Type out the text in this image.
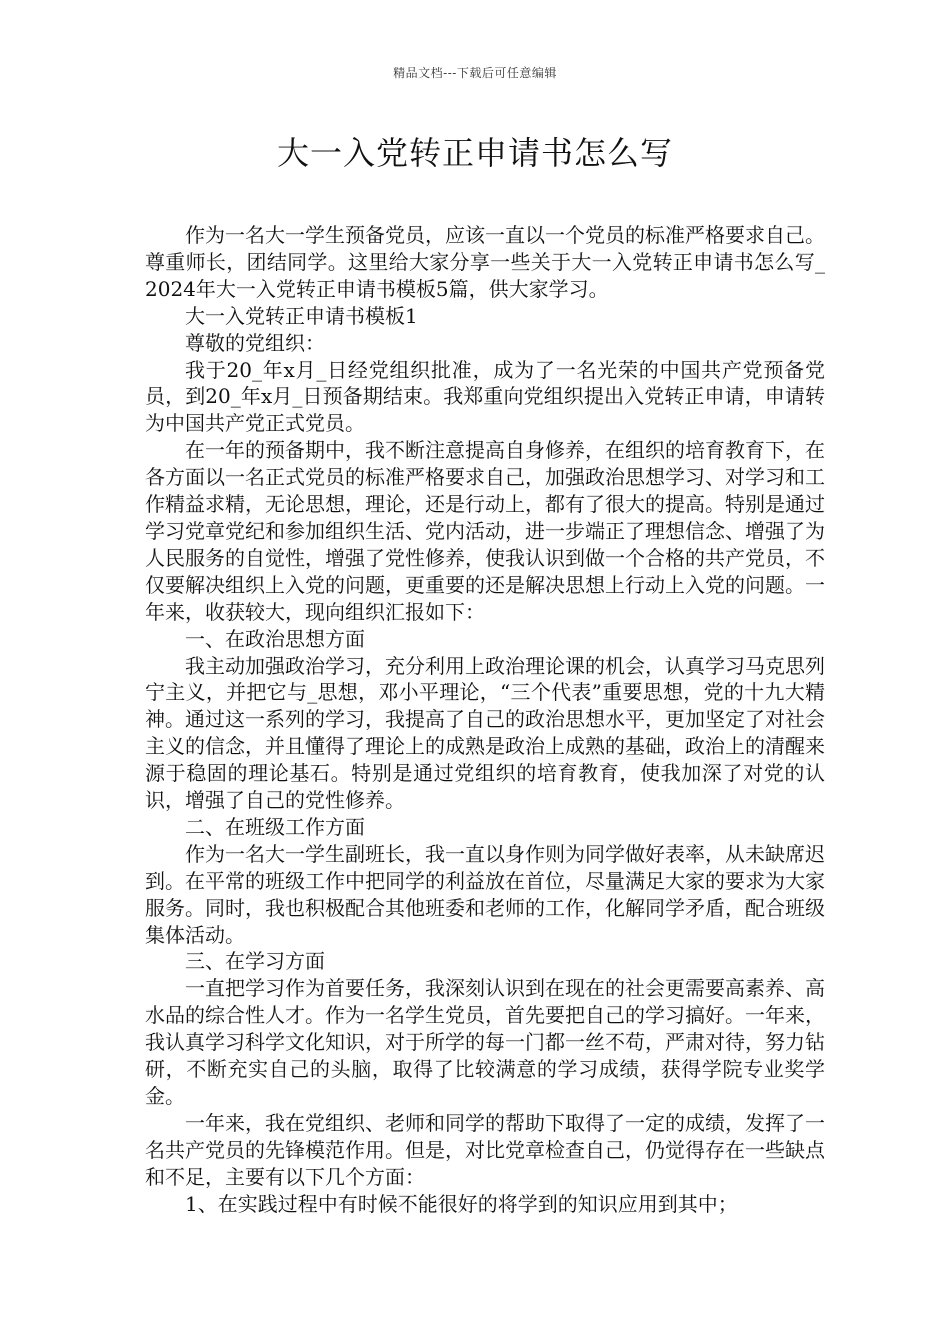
精品文档---下载后可任意编辑
大一入党转正申请书怎么写

作为一名大一学生预备党员，应该一直以一个党员的标准严格要求自己。尊重师长，团结同学。这里给大家分享一些关于大一入党转正申请书怎么写_2024年大一入党转正申请书模板5篇，供大家学习。

大一入党转正申请书模板1

尊敬的党组织：

我于20_年x月_日经党组织批准，成为了一名光荣的中国共产党预备党员，到20_年x月_日预备期结束。我郑重向党组织提出入党转正申请，申请转为中国共产党正式党员。

在一年的预备期中，我不断注意提高自身修养，在组织的培育教育下，在各方面以一名正式党员的标准严格要求自己，加强政治思想学习、对学习和工作精益求精，无论思想，理论，还是行动上，都有了很大的提高。特别是通过学习党章党纪和参加组织生活、党内活动，进一步端正了理想信念、增强了为人民服务的自觉性，增强了党性修养，使我认识到做一个合格的共产党员，不仅要解决组织上入党的问题，更重要的还是解决思想上行动上入党的问题。一年来，收获较大，现向组织汇报如下：

一、在政治思想方面

我主动加强政治学习，充分利用上政治理论课的机会，认真学习马克思列宁主义，并把它与_思想，邓小平理论，“三个代表”重要思想，党的十九大精神。通过这一系列的学习，我提高了自己的政治思想水平，更加坚定了对社会主义的信念，并且懂得了理论上的成熟是政治上成熟的基础，政治上的清醒来源于稳固的理论基石。特别是通过党组织的培育教育，使我加深了对党的认识，增强了自己的党性修养。

二、在班级工作方面

作为一名大一学生副班长，我一直以身作则为同学做好表率，从未缺席迟到。在平常的班级工作中把同学的利益放在首位，尽量满足大家的要求为大家服务。同时，我也积极配合其他班委和老师的工作，化解同学矛盾，配合班级集体活动。

三、在学习方面

一直把学习作为首要任务，我深刻认识到在现在的社会更需要高素养、高水品的综合性人才。作为一名学生党员，首先要把自己的学习搞好。一年来，我认真学习科学文化知识，对于所学的每一门都一丝不苟，严肃对待，努力钻研，不断充实自己的头脑，取得了比较满意的学习成绩，获得学院专业奖学金。

一年来，我在党组织、老师和同学的帮助下取得了一定的成绩，发挥了一名共产党员的先锋模范作用。但是，对比党章检查自己，仍觉得存在一些缺点和不足，主要有以下几个方面：

1、在实践过程中有时候不能很好的将学到的知识应用到其中；
